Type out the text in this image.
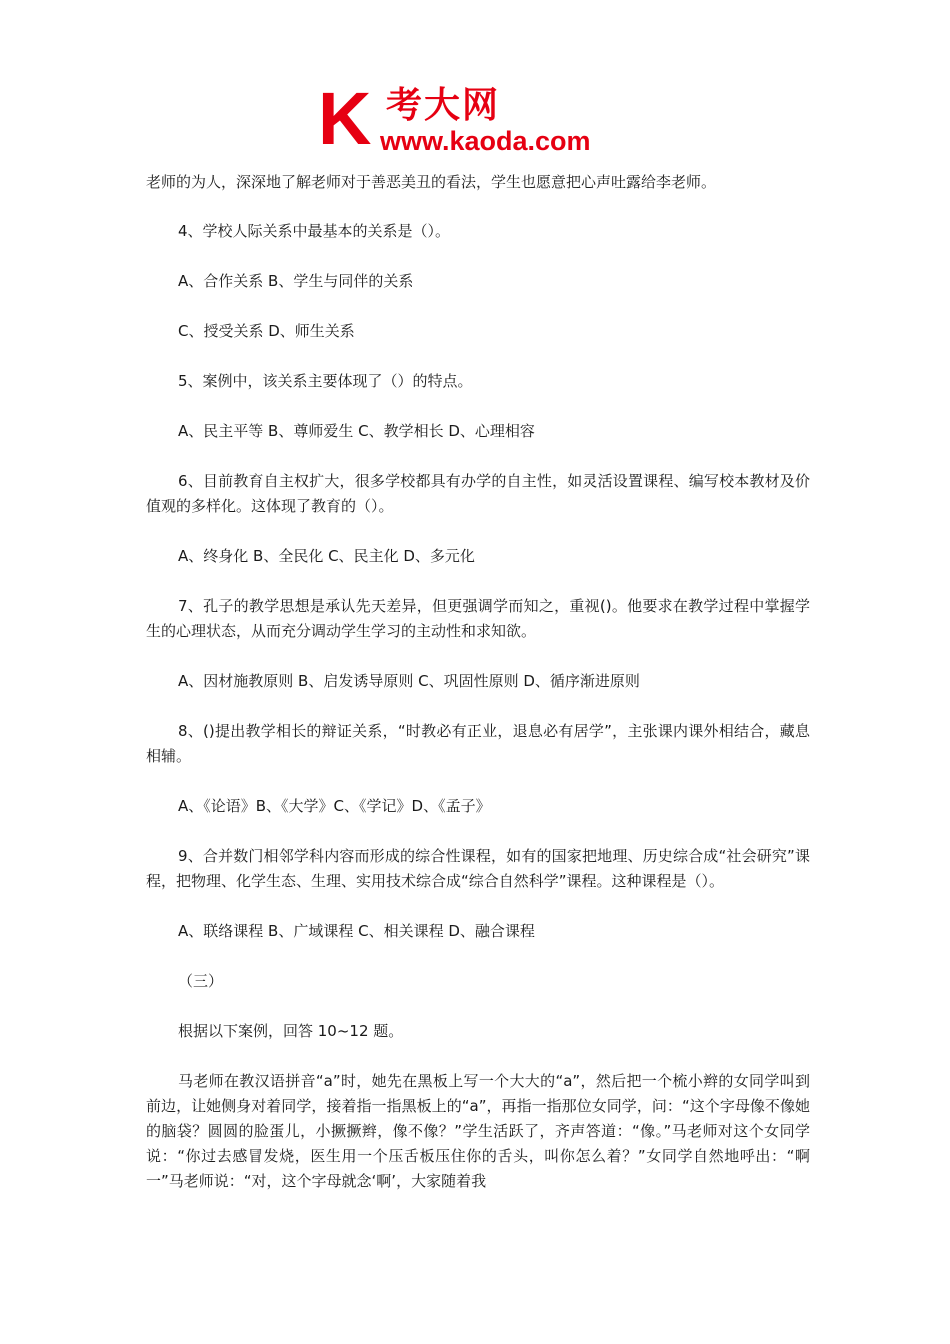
K 考大网
www.kaoda.com

老师的为人，深深地了解老师对于善恶美丑的看法，学生也愿意把心声吐露给李老师。

4、学校人际关系中最基本的关系是（）。

A、合作关系 B、学生与同伴的关系

C、授受关系 D、师生关系

5、案例中，该关系主要体现了（）的特点。

A、民主平等 B、尊师爱生 C、教学相长 D、心理相容

6、目前教育自主权扩大，很多学校都具有办学的自主性，如灵活设置课程、编写校本教材及价值观的多样化。这体现了教育的（）。

A、终身化 B、全民化 C、民主化 D、多元化

7、孔子的教学思想是承认先天差异，但更强调学而知之，重视()。他要求在教学过程中掌握学生的心理状态，从而充分调动学生学习的主动性和求知欲。

A、因材施教原则 B、启发诱导原则 C、巩固性原则 D、循序渐进原则

8、()提出教学相长的辩证关系，“时教必有正业，退息必有居学”，主张课内课外相结合，藏息相辅。

A、《论语》B、《大学》C、《学记》D、《孟子》

9、合并数门相邻学科内容而形成的综合性课程，如有的国家把地理、历史综合成“社会研究”课程，把物理、化学生态、生理、实用技术综合成“综合自然科学”课程。这种课程是（）。

A、联络课程 B、广域课程 C、相关课程 D、融合课程

（三）

根据以下案例，回答 10~12 题。

马老师在教汉语拼音“a”时，她先在黑板上写一个大大的“a”，然后把一个梳小辫的女同学叫到前边，让她侧身对着同学，接着指一指黑板上的“a”，再指一指那位女同学，问：“这个字母像不像她的脑袋？圆圆的脸蛋儿，小撅撅辫，像不像？”学生活跃了，齐声答道：“像。”马老师对这个女同学说：“你过去感冒发烧，医生用一个压舌板压住你的舌头，叫你怎么着？”女同学自然地呼出：“啊一”马老师说：“对，这个字母就念‘啊’，大家随着我
